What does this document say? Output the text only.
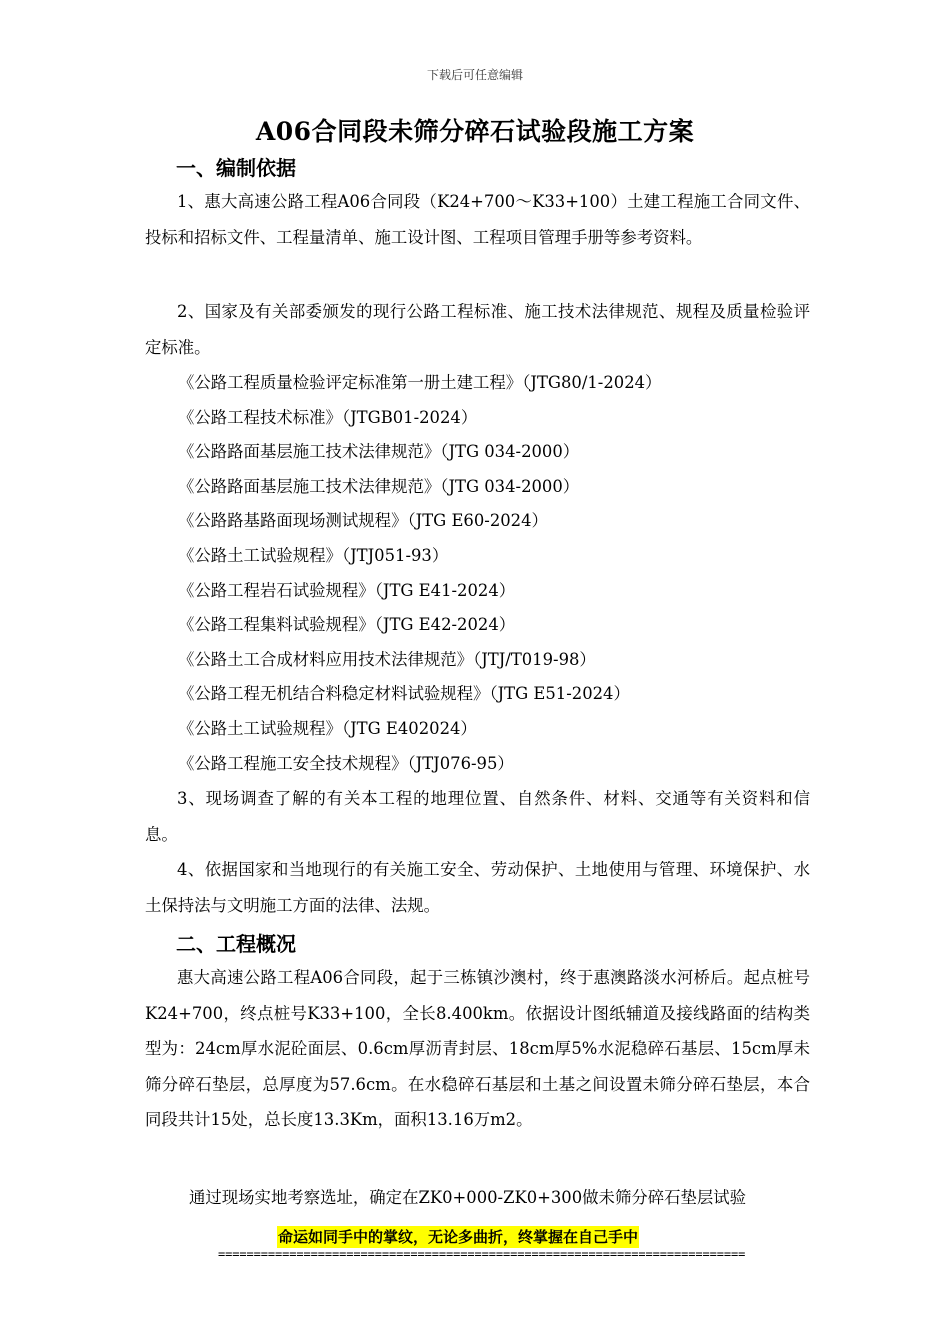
下载后可任意编辑
A06合同段未筛分碎石试验段施工方案
一、编制依据

1、惠大高速公路工程A06合同段（K24+700～K33+100）土建工程施工合同文件、投标和招标文件、工程量清单、施工设计图、工程项目管理手册等参考资料。

2、国家及有关部委颁发的现行公路工程标准、施工技术法律规范、规程及质量检验评定标准。

《公路工程质量检验评定标准第一册土建工程》（JTG80/1-2024）
《公路工程技术标准》（JTGB01-2024）
《公路路面基层施工技术法律规范》（JTG 034-2000）
《公路路面基层施工技术法律规范》（JTG 034-2000）
《公路路基路面现场测试规程》（JTG E60-2024）
《公路土工试验规程》（JTJ051-93）
《公路工程岩石试验规程》（JTG E41-2024）
《公路工程集料试验规程》（JTG E42-2024）
《公路土工合成材料应用技术法律规范》（JTJ/T019-98）
《公路工程无机结合料稳定材料试验规程》（JTG E51-2024）
《公路土工试验规程》（JTG E402024）
《公路工程施工安全技术规程》（JTJ076-95）

3、现场调查了解的有关本工程的地理位置、自然条件、材料、交通等有关资料和信息。

4、依据国家和当地现行的有关施工安全、劳动保护、土地使用与管理、环境保护、水土保持法与文明施工方面的法律、法规。

二、工程概况

惠大高速公路工程A06合同段，起于三栋镇沙澳村，终于惠澳路淡水河桥后。起点桩号K24+700，终点桩号K33+100，全长8.400km。依据设计图纸辅道及接线路面的结构类型为：24cm厚水泥砼面层、0.6cm厚沥青封层、18cm厚5%水泥稳碎石基层、15cm厚未筛分碎石垫层，总厚度为57.6cm。在水稳碎石基层和土基之间设置未筛分碎石垫层，本合同段共计15处，总长度13.3Km，面积13.16万m2。

通过现场实地考察选址，确定在ZK0+000-ZK0+300做未筛分碎石垫层试验

命运如同手中的掌纹，无论多曲折，终掌握在自己手中
==========================================================================
